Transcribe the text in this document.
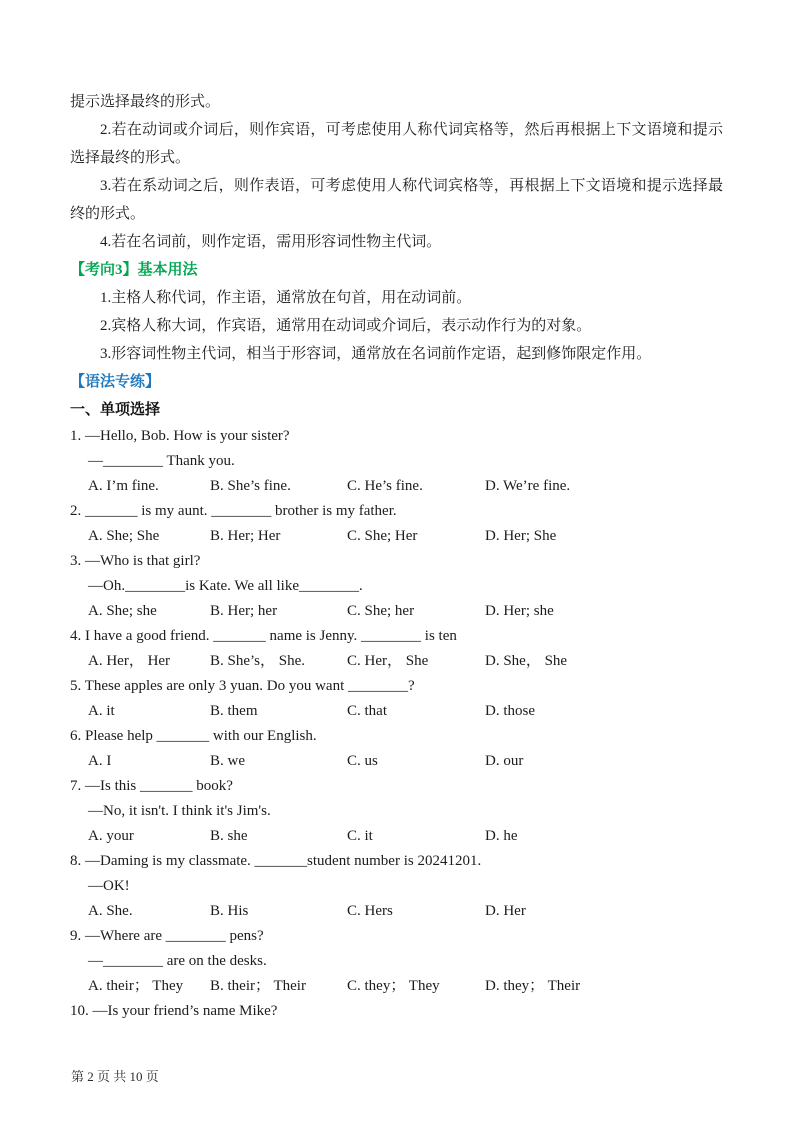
提示选择最终的形式。
2.若在动词或介词后，则作宾语，可考虑使用人称代词宾格等，然后再根据上下文语境和提示选择最终的形式。
3.若在系动词之后，则作表语，可考虑使用人称代词宾格等，再根据上下文语境和提示选择最终的形式。
4.若在名词前，则作定语，需用形容词性物主代词。
【考向3】基本用法
1.主格人称代词，作主语，通常放在句首，用在动词前。
2.宾格人称大词，作宾语，通常用在动词或介词后，表示动作行为的对象。
3.形容词性物主代词，相当于形容词，通常放在名词前作定语，起到修饰限定作用。
【语法专练】
一、单项选择
1. —Hello, Bob. How is your sister?
—________ Thank you.
A. I’m fine.	B. She’s fine.	C. He’s fine.	D. We’re fine.
2. _______ is my aunt. ________ brother is my father.
A. She; She	B. Her; Her	C. She; Her	D. Her; She
3. —Who is that girl?
—Oh.________is Kate. We all like________.
A. She; she	B. Her; her	C. She; her	D. Her; she
4. I have a good friend. _______ name is Jenny. ________ is ten
A. Her， Her	B. She’s， She.	C. Her， She	D. She， She
5. These apples are only 3 yuan. Do you want ________?
A. it	B. them	C. that	D. those
6. Please help _______ with our English.
A. I	B. we	C. us	D. our
7. —Is this _______ book?
—No, it isn't. I think it's Jim's.
A. your	B. she	C. it	D. he
8. —Daming is my classmate. _______student number is 20241201.
—OK!
A. She.	B. His	C. Hers	D. Her
9. —Where are ________ pens?
—________ are on the desks.
A. their； They	B. their； Their	C. they； They	D. they； Their
10. —Is your friend’s name Mike?
第 2 页 共 10 页
